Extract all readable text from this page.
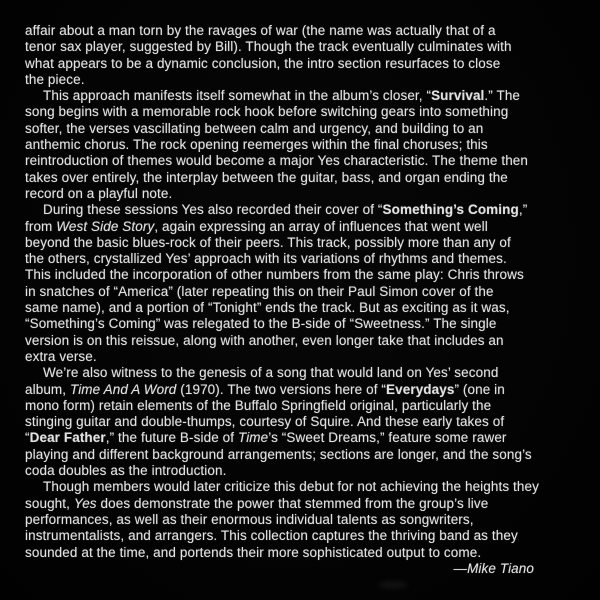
affair about a man torn by the ravages of war (the name was actually that of a
tenor sax player, suggested by Bill). Though the track eventually culminates with
what appears to be a dynamic conclusion, the intro section resurfaces to close
the piece.
This approach manifests itself somewhat in the album’s closer, “Survival.” The
song begins with a memorable rock hook before switching gears into something
softer, the verses vascillating between calm and urgency, and building to an
anthemic chorus. The rock opening reemerges within the final choruses; this
reintroduction of themes would become a major Yes characteristic. The theme then
takes over entirely, the interplay between the guitar, bass, and organ ending the
record on a playful note.
During these sessions Yes also recorded their cover of “Something’s Coming,”
from West Side Story, again expressing an array of influences that went well
beyond the basic blues-rock of their peers. This track, possibly more than any of
the others, crystallized Yes’ approach with its variations of rhythms and themes.
This included the incorporation of other numbers from the same play: Chris throws
in snatches of “America” (later repeating this on their Paul Simon cover of the
same name), and a portion of “Tonight” ends the track. But as exciting as it was,
“Something’s Coming” was relegated to the B-side of “Sweetness.” The single
version is on this reissue, along with another, even longer take that includes an
extra verse.
We’re also witness to the genesis of a song that would land on Yes’ second
album, Time And A Word (1970). The two versions here of “Everydays” (one in
mono form) retain elements of the Buffalo Springfield original, particularly the
stinging guitar and double-thumps, courtesy of Squire. And these early takes of
“Dear Father,” the future B-side of Time’s “Sweet Dreams,” feature some rawer
playing and different background arrangements; sections are longer, and the song’s
coda doubles as the introduction.
Though members would later criticize this debut for not achieving the heights they
sought, Yes does demonstrate the power that stemmed from the group’s live
performances, as well as their enormous individual talents as songwriters,
instrumentalists, and arrangers. This collection captures the thriving band as they
sounded at the time, and portends their more sophisticated output to come.
—Mike Tiano
